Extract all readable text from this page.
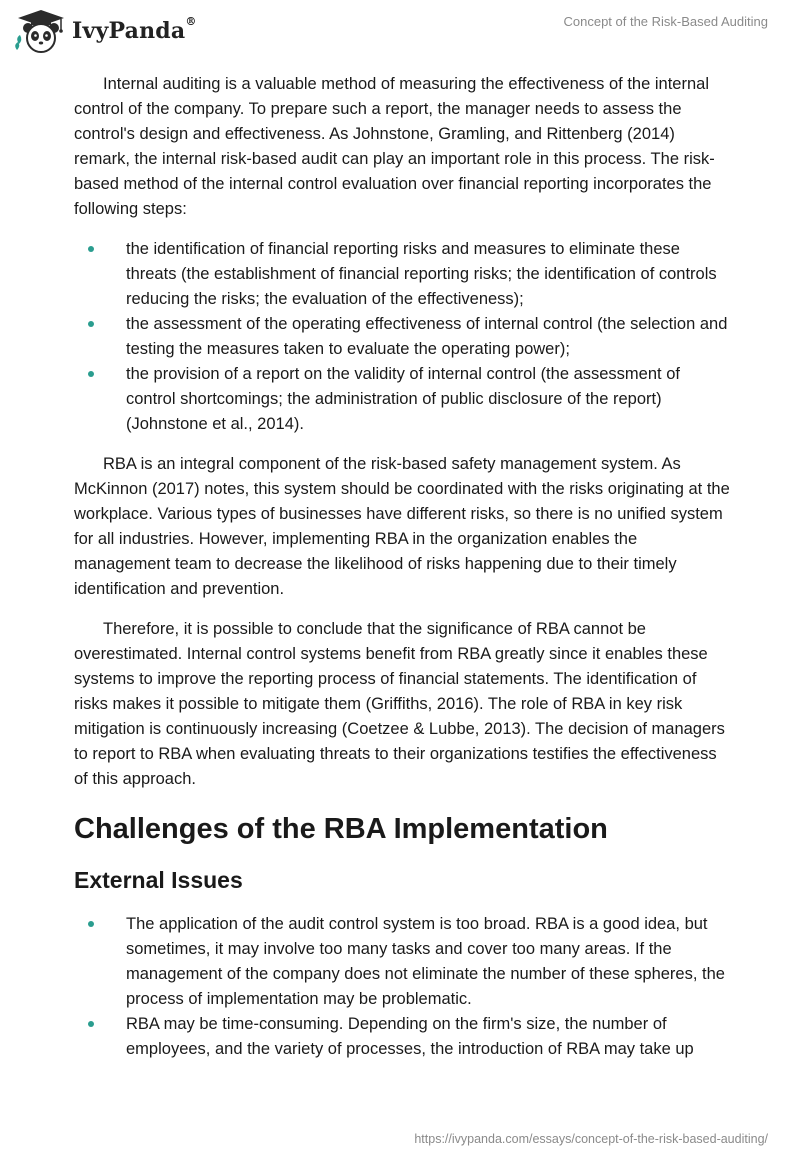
IvyPanda®	Concept of the Risk-Based Auditing

Internal auditing is a valuable method of measuring the effectiveness of the internal control of the company. To prepare such a report, the manager needs to assess the control's design and effectiveness. As Johnstone, Gramling, and Rittenberg (2014) remark, the internal risk-based audit can play an important role in this process. The risk-based method of the internal control evaluation over financial reporting incorporates the following steps:

the identification of financial reporting risks and measures to eliminate these threats (the establishment of financial reporting risks; the identification of controls reducing the risks; the evaluation of the effectiveness);
the assessment of the operating effectiveness of internal control (the selection and testing the measures taken to evaluate the operating power);
the provision of a report on the validity of internal control (the assessment of control shortcomings; the administration of public disclosure of the report) (Johnstone et al., 2014).

RBA is an integral component of the risk-based safety management system. As McKinnon (2017) notes, this system should be coordinated with the risks originating at the workplace. Various types of businesses have different risks, so there is no unified system for all industries. However, implementing RBA in the organization enables the management team to decrease the likelihood of risks happening due to their timely identification and prevention.

Therefore, it is possible to conclude that the significance of RBA cannot be overestimated. Internal control systems benefit from RBA greatly since it enables these systems to improve the reporting process of financial statements. The identification of risks makes it possible to mitigate them (Griffiths, 2016). The role of RBA in key risk mitigation is continuously increasing (Coetzee & Lubbe, 2013). The decision of managers to report to RBA when evaluating threats to their organizations testifies the effectiveness of this approach.

Challenges of the RBA Implementation
External Issues
The application of the audit control system is too broad. RBA is a good idea, but sometimes, it may involve too many tasks and cover too many areas. If the management of the company does not eliminate the number of these spheres, the process of implementation may be problematic.
RBA may be time-consuming. Depending on the firm's size, the number of employees, and the variety of processes, the introduction of RBA may take up
https://ivypanda.com/essays/concept-of-the-risk-based-auditing/
